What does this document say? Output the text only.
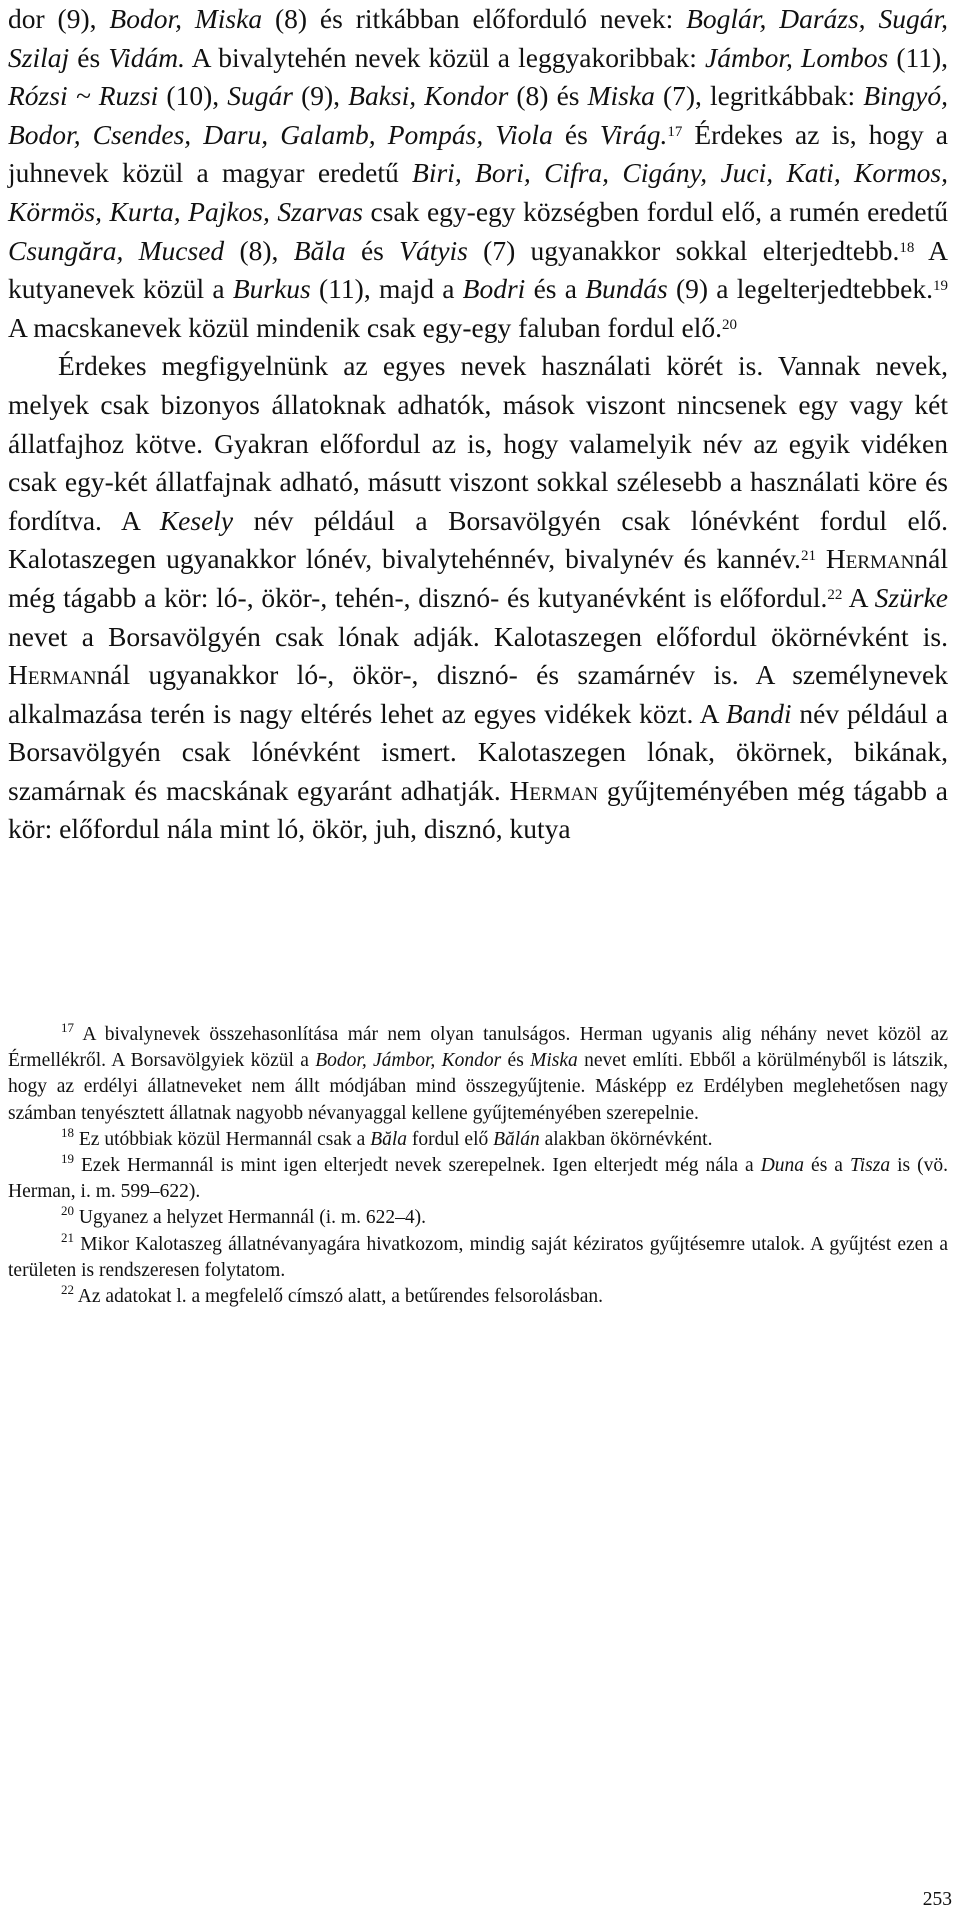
dor (9), Bodor, Miska (8) és ritkábban előforduló nevek: Boglár, Darázs, Sugár, Szilaj és Vidám. A bivalytehén nevek közül a leggyakoribbak: Jámbor, Lombos (11), Rózsi ~ Ruzsi (10), Sugár (9), Baksi, Kondor (8) és Miska (7), legritkábbak: Bingyó, Bodor, Csendes, Daru, Galamb, Pompás, Viola és Virág.$^{17}$ Érdekes az is, hogy a juhnevek közül a magyar eredetű Biri, Bori, Cifra, Cigány, Juci, Kati, Kormos, Körmös, Kurta, Pajkos, Szarvas csak egy-egy községben fordul elő, a rumén eredetű Csungăra, Mucsed (8), Băla és Vátyis (7) ugyanakkor sokkal elterjedtebb.$^{18}$ A kutyanevek közül a Burkus (11), majd a Bodri és a Bundás (9) a legelterjedtebbek.$^{19}$ A macskanevek közül mindenik csak egy-egy faluban fordul elő.$^{20}$

Érdekes megfigyelnünk az egyes nevek használati körét is. Vannak nevek, melyek csak bizonyos állatoknak adhatók, mások viszont nincsenek egy vagy két állatfajhoz kötve. Gyakran előfordul az is, hogy valamelyik név az egyik vidéken csak egy-két állatfajnak adható, másutt viszont sokkal szélesebb a használati köre és fordítva. A Kesely név például a Borsavölgyén csak lónévként fordul elő. Kalotaszegen ugyanakkor lónév, bivalytehénnév, bivalynév és kannév.$^{21}$ Hermannál még tágabb a kör: ló-, ökör-, tehén-, disznó- és kutyanévként is előfordul.$^{22}$ A Szürke nevet a Borsavölgyén csak lónak adják. Kalotaszegen előfordul ökörnévként is. Hermannál ugyanakkor ló-, ökör-, disznó- és szamárnév is. A személynevek alkalmazása terén is nagy eltérés lehet az egyes vidékek közt. A Bandi név például a Borsavölgyén csak lónévként ismert. Kalotaszegen lónak, ökörnek, bikának, szamárnak és macskának egyaránt adhatják. Herman gyűjteményében még tágabb a kör: előfordul nála mint ló, ökör, juh, disznó, kutya

$^{17}$ A bivalynevek összehasonlítása már nem olyan tanulságos. Herman ugyanis alig néhány nevet közöl az Érmellékről. A Borsavölgyiek közül a Bodor, Jámbor, Kondor és Miska nevet említi. Ebből a körülményből is látszik, hogy az erdélyi állatneveket nem állt módjában mind összegyűjtenie. Másképp ez Erdélyben meglehetősen nagy számban tenyésztett állatnak nagyobb névanyaggal kellene gyűjteményében szerepelnie.

$^{18}$ Ez utóbbiak közül Hermannál csak a Băla fordul elő Bălán alakban ökörnévként.

$^{19}$ Ezek Hermannál is mint igen elterjedt nevek szerepelnek. Igen elterjedt még nála a Duna és a Tisza is (vö. Herman, i. m. 599–622).

$^{20}$ Ugyanez a helyzet Hermannál (i. m. 622–4).

$^{21}$ Mikor Kalotaszeg állatnévanyagára hivatkozom, mindig saját kéziratos gyűjtésemre utalok. A gyűjtést ezen a területen is rendszeresen folytatom.

$^{22}$ Az adatokat l. a megfelelő címszó alatt, a betűrendes felsorolásban.

253
